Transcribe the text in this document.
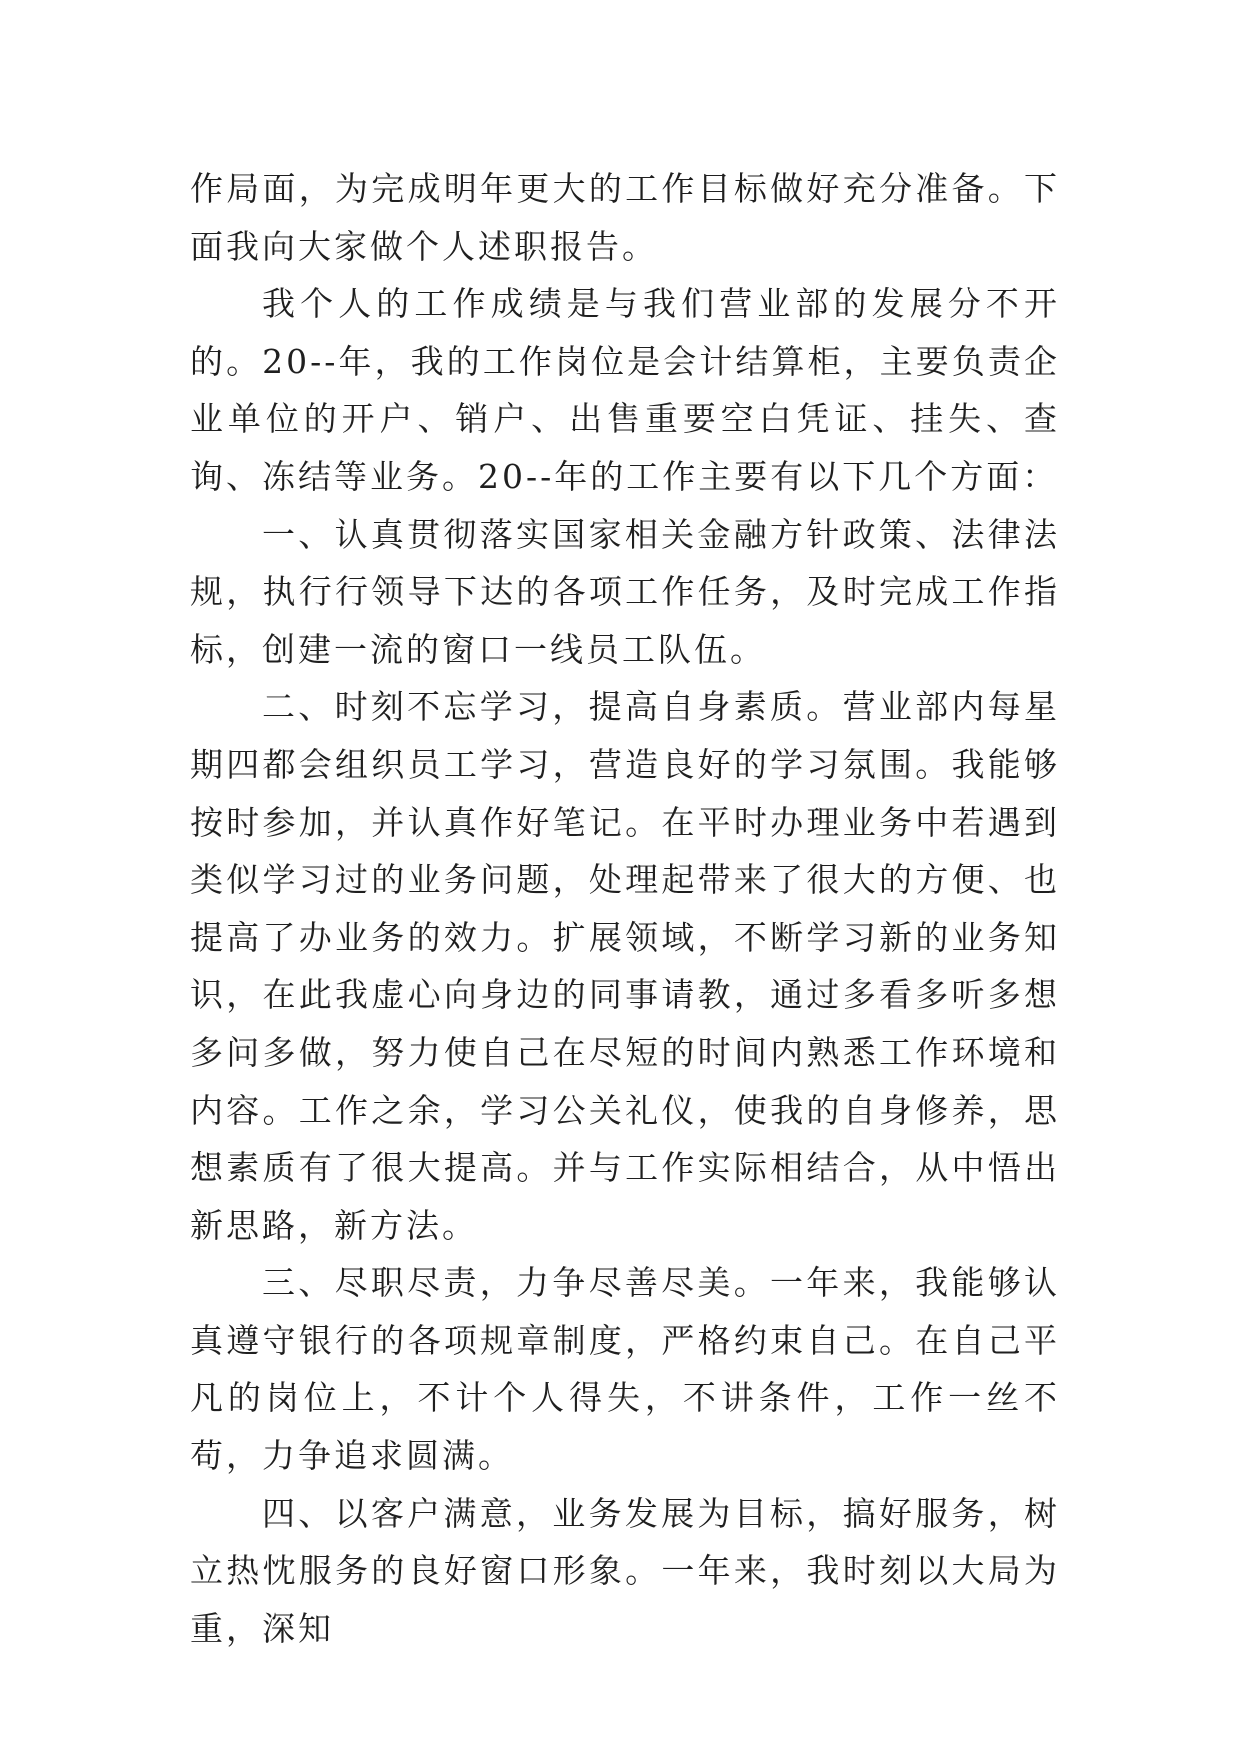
作局面，为完成明年更大的工作目标做好充分准备。下面我向大家做个人述职报告。

我个人的工作成绩是与我们营业部的发展分不开的。20--年，我的工作岗位是会计结算柜，主要负责企业单位的开户、销户、出售重要空白凭证、挂失、查询、冻结等业务。20--年的工作主要有以下几个方面：

一、认真贯彻落实国家相关金融方针政策、法律法规，执行行领导下达的各项工作任务，及时完成工作指标，创建一流的窗口一线员工队伍。

二、时刻不忘学习，提高自身素质。营业部内每星期四都会组织员工学习，营造良好的学习氛围。我能够按时参加，并认真作好笔记。在平时办理业务中若遇到类似学习过的业务问题，处理起带来了很大的方便、也提高了办业务的效力。扩展领域，不断学习新的业务知识，在此我虚心向身边的同事请教，通过多看多听多想多问多做，努力使自己在尽短的时间内熟悉工作环境和内容。工作之余，学习公关礼仪，使我的自身修养，思想素质有了很大提高。并与工作实际相结合，从中悟出新思路，新方法。

三、尽职尽责，力争尽善尽美。一年来，我能够认真遵守银行的各项规章制度，严格约束自己。在自己平凡的岗位上，不计个人得失，不讲条件，工作一丝不苟，力争追求圆满。

四、以客户满意，业务发展为目标，搞好服务，树立热忱服务的良好窗口形象。一年来，我时刻以大局为重，深知
